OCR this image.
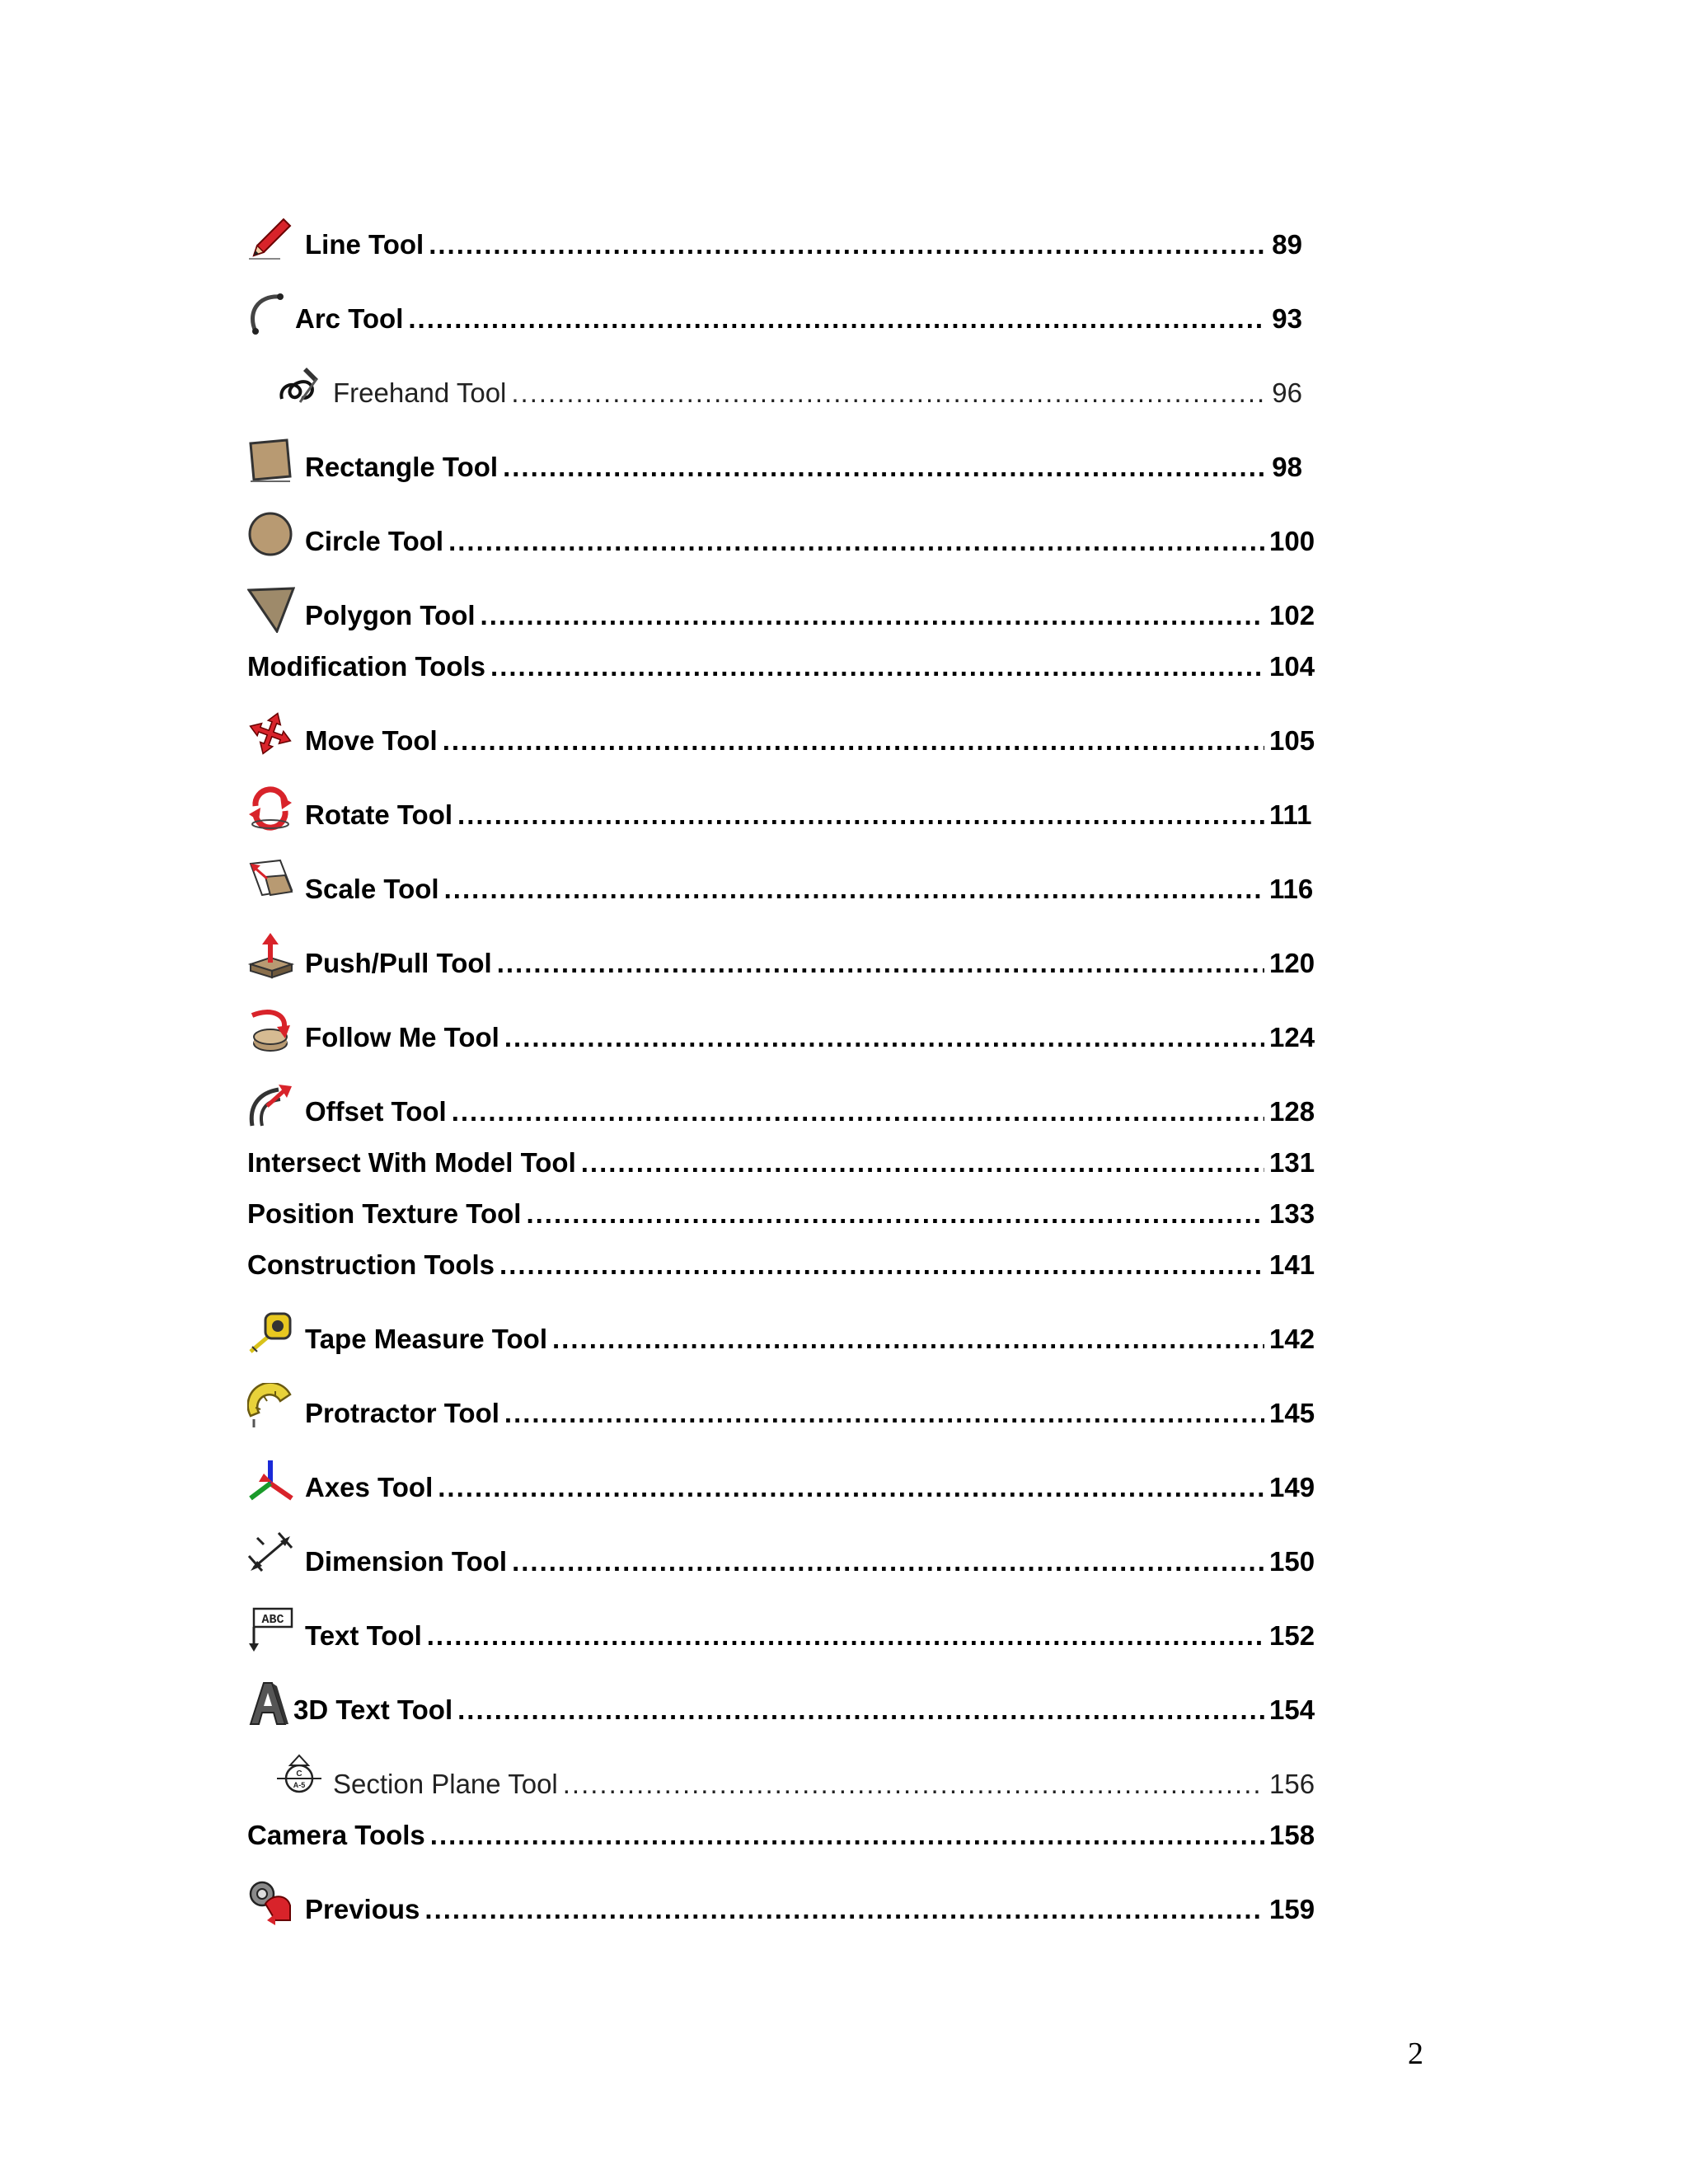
Line Tool .....	89
Arc Tool .....	93
Freehand Tool .....	96
Rectangle Tool .....	98
Circle Tool .....	100
Polygon Tool .....	102
Modification Tools .....	104
Move Tool .....	105
Rotate Tool .....	111
Scale Tool .....	116
Push/Pull Tool .....	120
Follow Me Tool .....	124
Offset Tool .....	128
Intersect With Model Tool .....	131
Position Texture Tool .....	133
Construction Tools .....	141
Tape Measure Tool .....	142
Protractor Tool .....	145
Axes Tool .....	149
Dimension Tool .....	150
ABC
Text Tool .....	152
3D Text Tool .....	154
C
A-5 Section Plane Tool .....	156
Camera Tools .....	158
Previous .....	159
2
